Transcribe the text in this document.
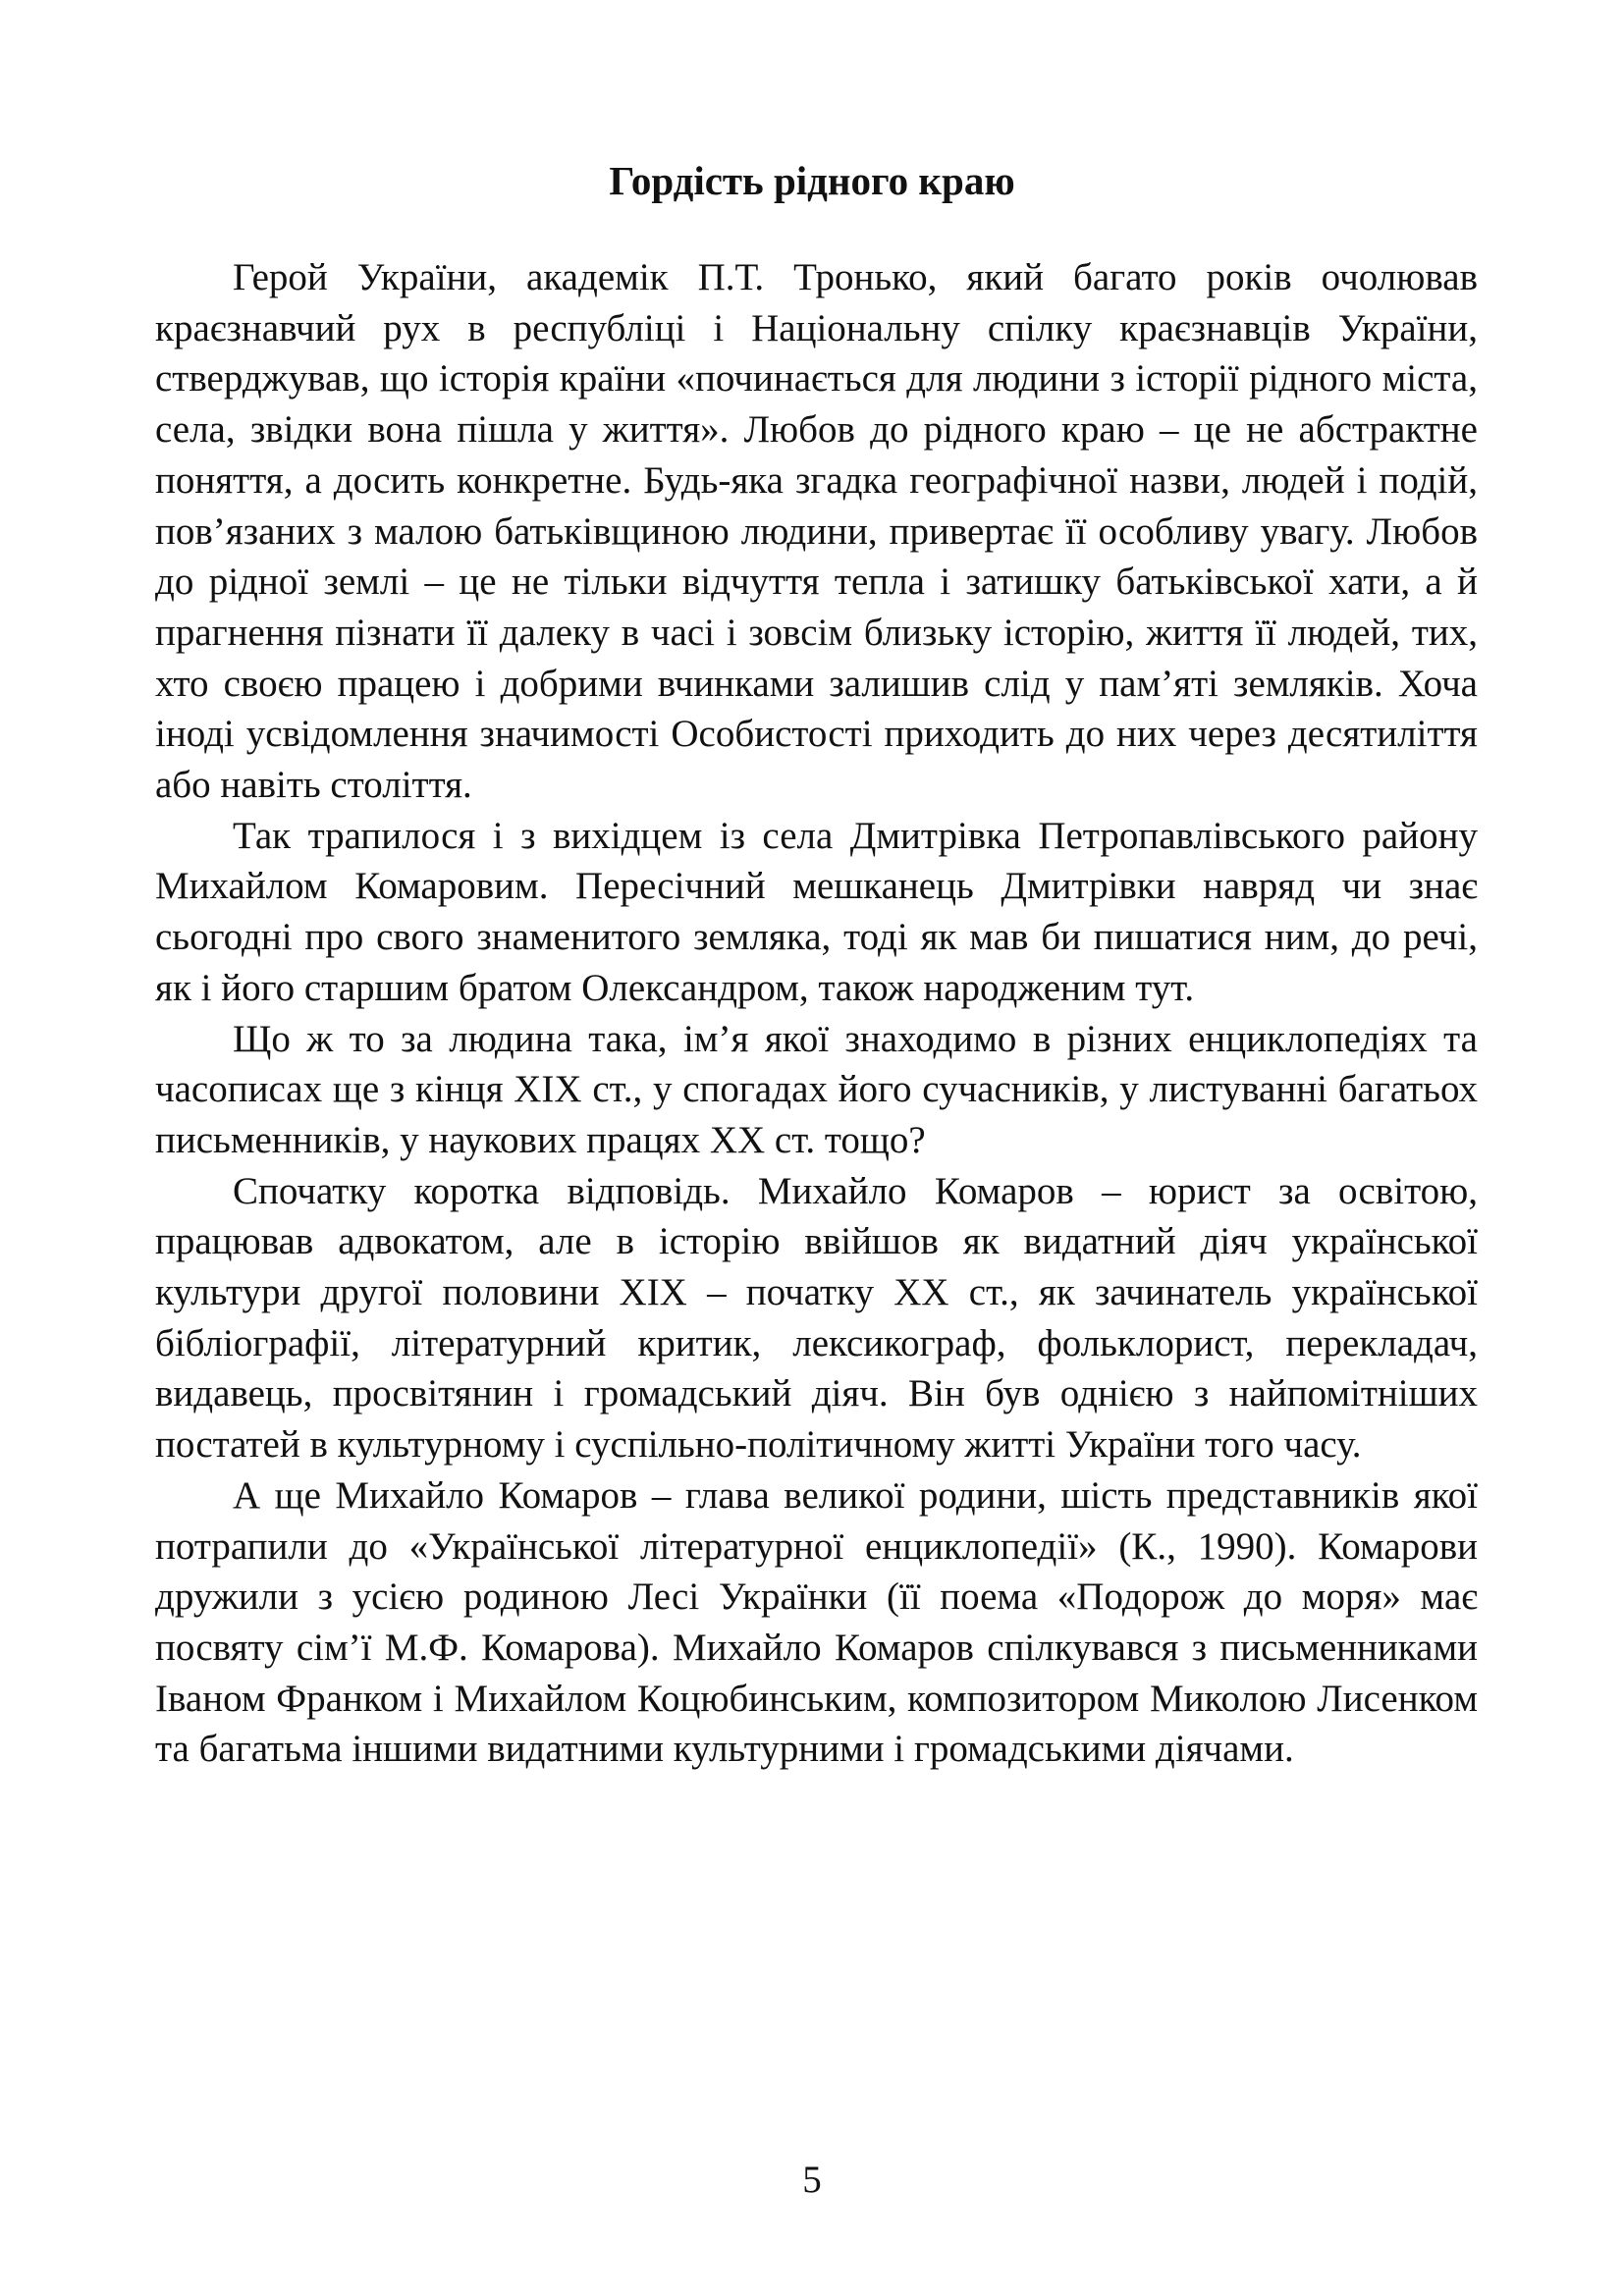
Гордість рідного краю

Герой України, академік П.Т. Тронько, який багато років очолював краєзнавчий рух в республіці і Національну спілку краєзнавців України, стверджував, що історія країни «починається для людини з історії рідного міста, села, звідки вона пішла у життя». Любов до рідного краю – це не абстрактне поняття, а досить конкретне. Будь-яка згадка географічної назви, людей і подій, пов’язаних з малою батьківщиною людини, привертає її особливу увагу. Любов до рідної землі – це не тільки відчуття тепла і затишку батьківської хати, а й прагнення пізнати її далеку в часі і зовсім близьку історію, життя її людей, тих, хто своєю працею і добрими вчинками залишив слід у пам’яті земляків. Хоча іноді усвідомлення значимості Особистості приходить до них через десятиліття або навіть століття.

Так трапилося і з вихідцем із села Дмитрівка Петропавлівського району Михайлом Комаровим. Пересічний мешканець Дмитрівки навряд чи знає сьогодні про свого знаменитого земляка, тоді як мав би пишатися ним, до речі, як і його старшим братом Олександром, також народженим тут.

Що ж то за людина така, ім’я якої знаходимо в різних енциклопедіях та часописах ще з кінця XIX ст., у спогадах його сучасників, у листуванні багатьох письменників, у наукових працях XX ст. тощо?

Спочатку коротка відповідь. Михайло Комаров – юрист за освітою, працював адвокатом, але в історію ввійшов як видатний діяч української культури другої половини XIX – початку XX ст., як зачинатель української бібліографії, літературний критик, лексикограф, фольклорист, перекладач, видавець, просвітянин і громадський діяч. Він був однією з найпомітніших постатей в культурному і суспільно-політичному житті України того часу.

А ще Михайло Комаров – глава великої родини, шість представників якої потрапили до «Української літературної енциклопедії» (К., 1990). Комарови дружили з усією родиною Лесі Українки (її поема «Подорож до моря» має посвяту сім’ї М.Ф. Комарова). Михайло Комаров спілкувався з письменниками Іваном Франком і Михайлом Коцюбинським, композитором Миколою Лисенком та багатьма іншими видатними культурними і громадськими діячами.

5
